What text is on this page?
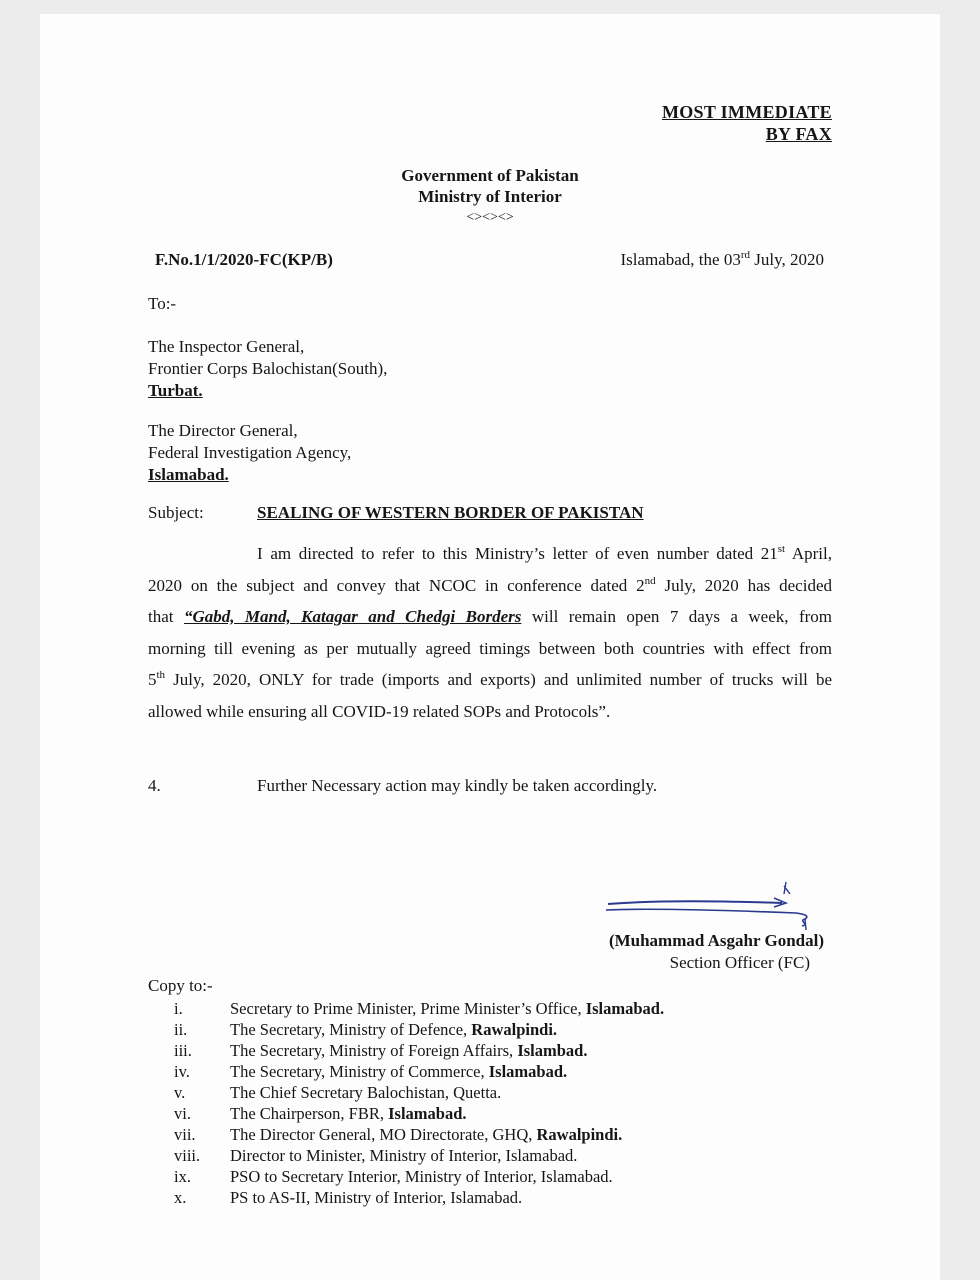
MOST IMMEDIATE
BY FAX
Government of Pakistan
Ministry of Interior
<><><>
F.No.1/1/2020-FC(KP/B)	Islamabad, the 03rd July, 2020
To:-
The Inspector General,
Frontier Corps Balochistan(South),
Turbat.
The Director General,
Federal Investigation Agency,
Islamabad.
Subject:	SEALING OF WESTERN BORDER OF PAKISTAN
I am directed to refer to this Ministry’s letter of even number dated 21st April,
2020 on the subject and convey that NCOC in conference dated 2nd July, 2020 has decided
that “Gabd, Mand, Katagar and Chedgi Borders will remain open 7 days a week, from
morning till evening as per mutually agreed timings between both countries with effect from
5th July, 2020, ONLY for trade (imports and exports) and unlimited number of trucks will be
allowed while ensuring all COVID-19 related SOPs and Protocols”.
4.	Further Necessary action may kindly be taken accordingly.
(Muhammad Asgahr Gondal)
Section Officer (FC)
Copy to:-
i.	Secretary to Prime Minister, Prime Minister’s Office, Islamabad.
ii.	The Secretary, Ministry of Defence, Rawalpindi.
iii. The Secretary, Ministry of Foreign Affairs, Islambad.
iv. The Secretary, Ministry of Commerce, Islamabad.
v.	The Chief Secretary Balochistan, Quetta.
vi. The Chairperson, FBR, Islamabad.
vii. The Director General, MO Directorate, GHQ, Rawalpindi.
viii. Director to Minister, Ministry of Interior, Islamabad.
ix. PSO to Secretary Interior, Ministry of Interior, Islamabad.
x.	PS to AS-II, Ministry of Interior, Islamabad.
